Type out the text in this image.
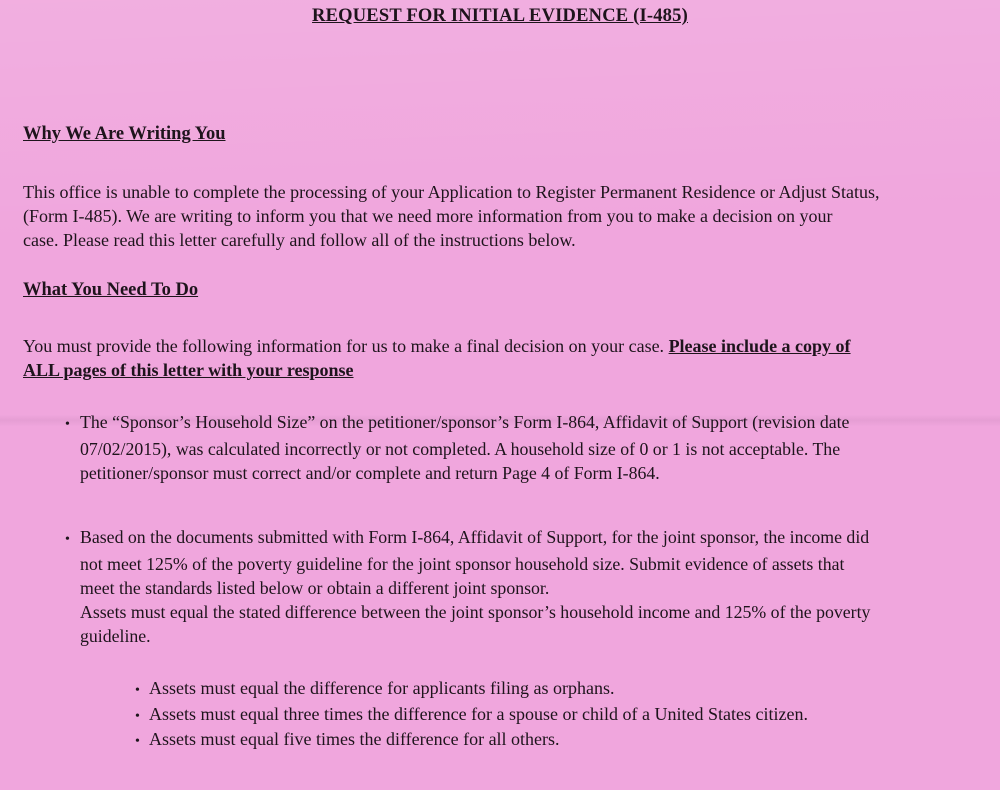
REQUEST FOR INITIAL EVIDENCE (I-485)
Why We Are Writing You
This office is unable to complete the processing of your Application to Register Permanent Residence or Adjust Status,
(Form I-485). We are writing to inform you that we need more information from you to make a decision on your
case. Please read this letter carefully and follow all of the instructions below.
What You Need To Do
You must provide the following information for us to make a final decision on your case. Please include a copy of
ALL pages of this letter with your response
• The “Sponsor’s Household Size” on the petitioner/sponsor’s Form I-864, Affidavit of Support (revision date
07/02/2015), was calculated incorrectly or not completed. A household size of 0 or 1 is not acceptable. The
petitioner/sponsor must correct and/or complete and return Page 4 of Form I-864.
• Based on the documents submitted with Form I-864, Affidavit of Support, for the joint sponsor, the income did
not meet 125% of the poverty guideline for the joint sponsor household size. Submit evidence of assets that
meet the standards listed below or obtain a different joint sponsor.
Assets must equal the stated difference between the joint sponsor’s household income and 125% of the poverty
guideline.
• Assets must equal the difference for applicants filing as orphans.
• Assets must equal three times the difference for a spouse or child of a United States citizen.
• Assets must equal five times the difference for all others.
